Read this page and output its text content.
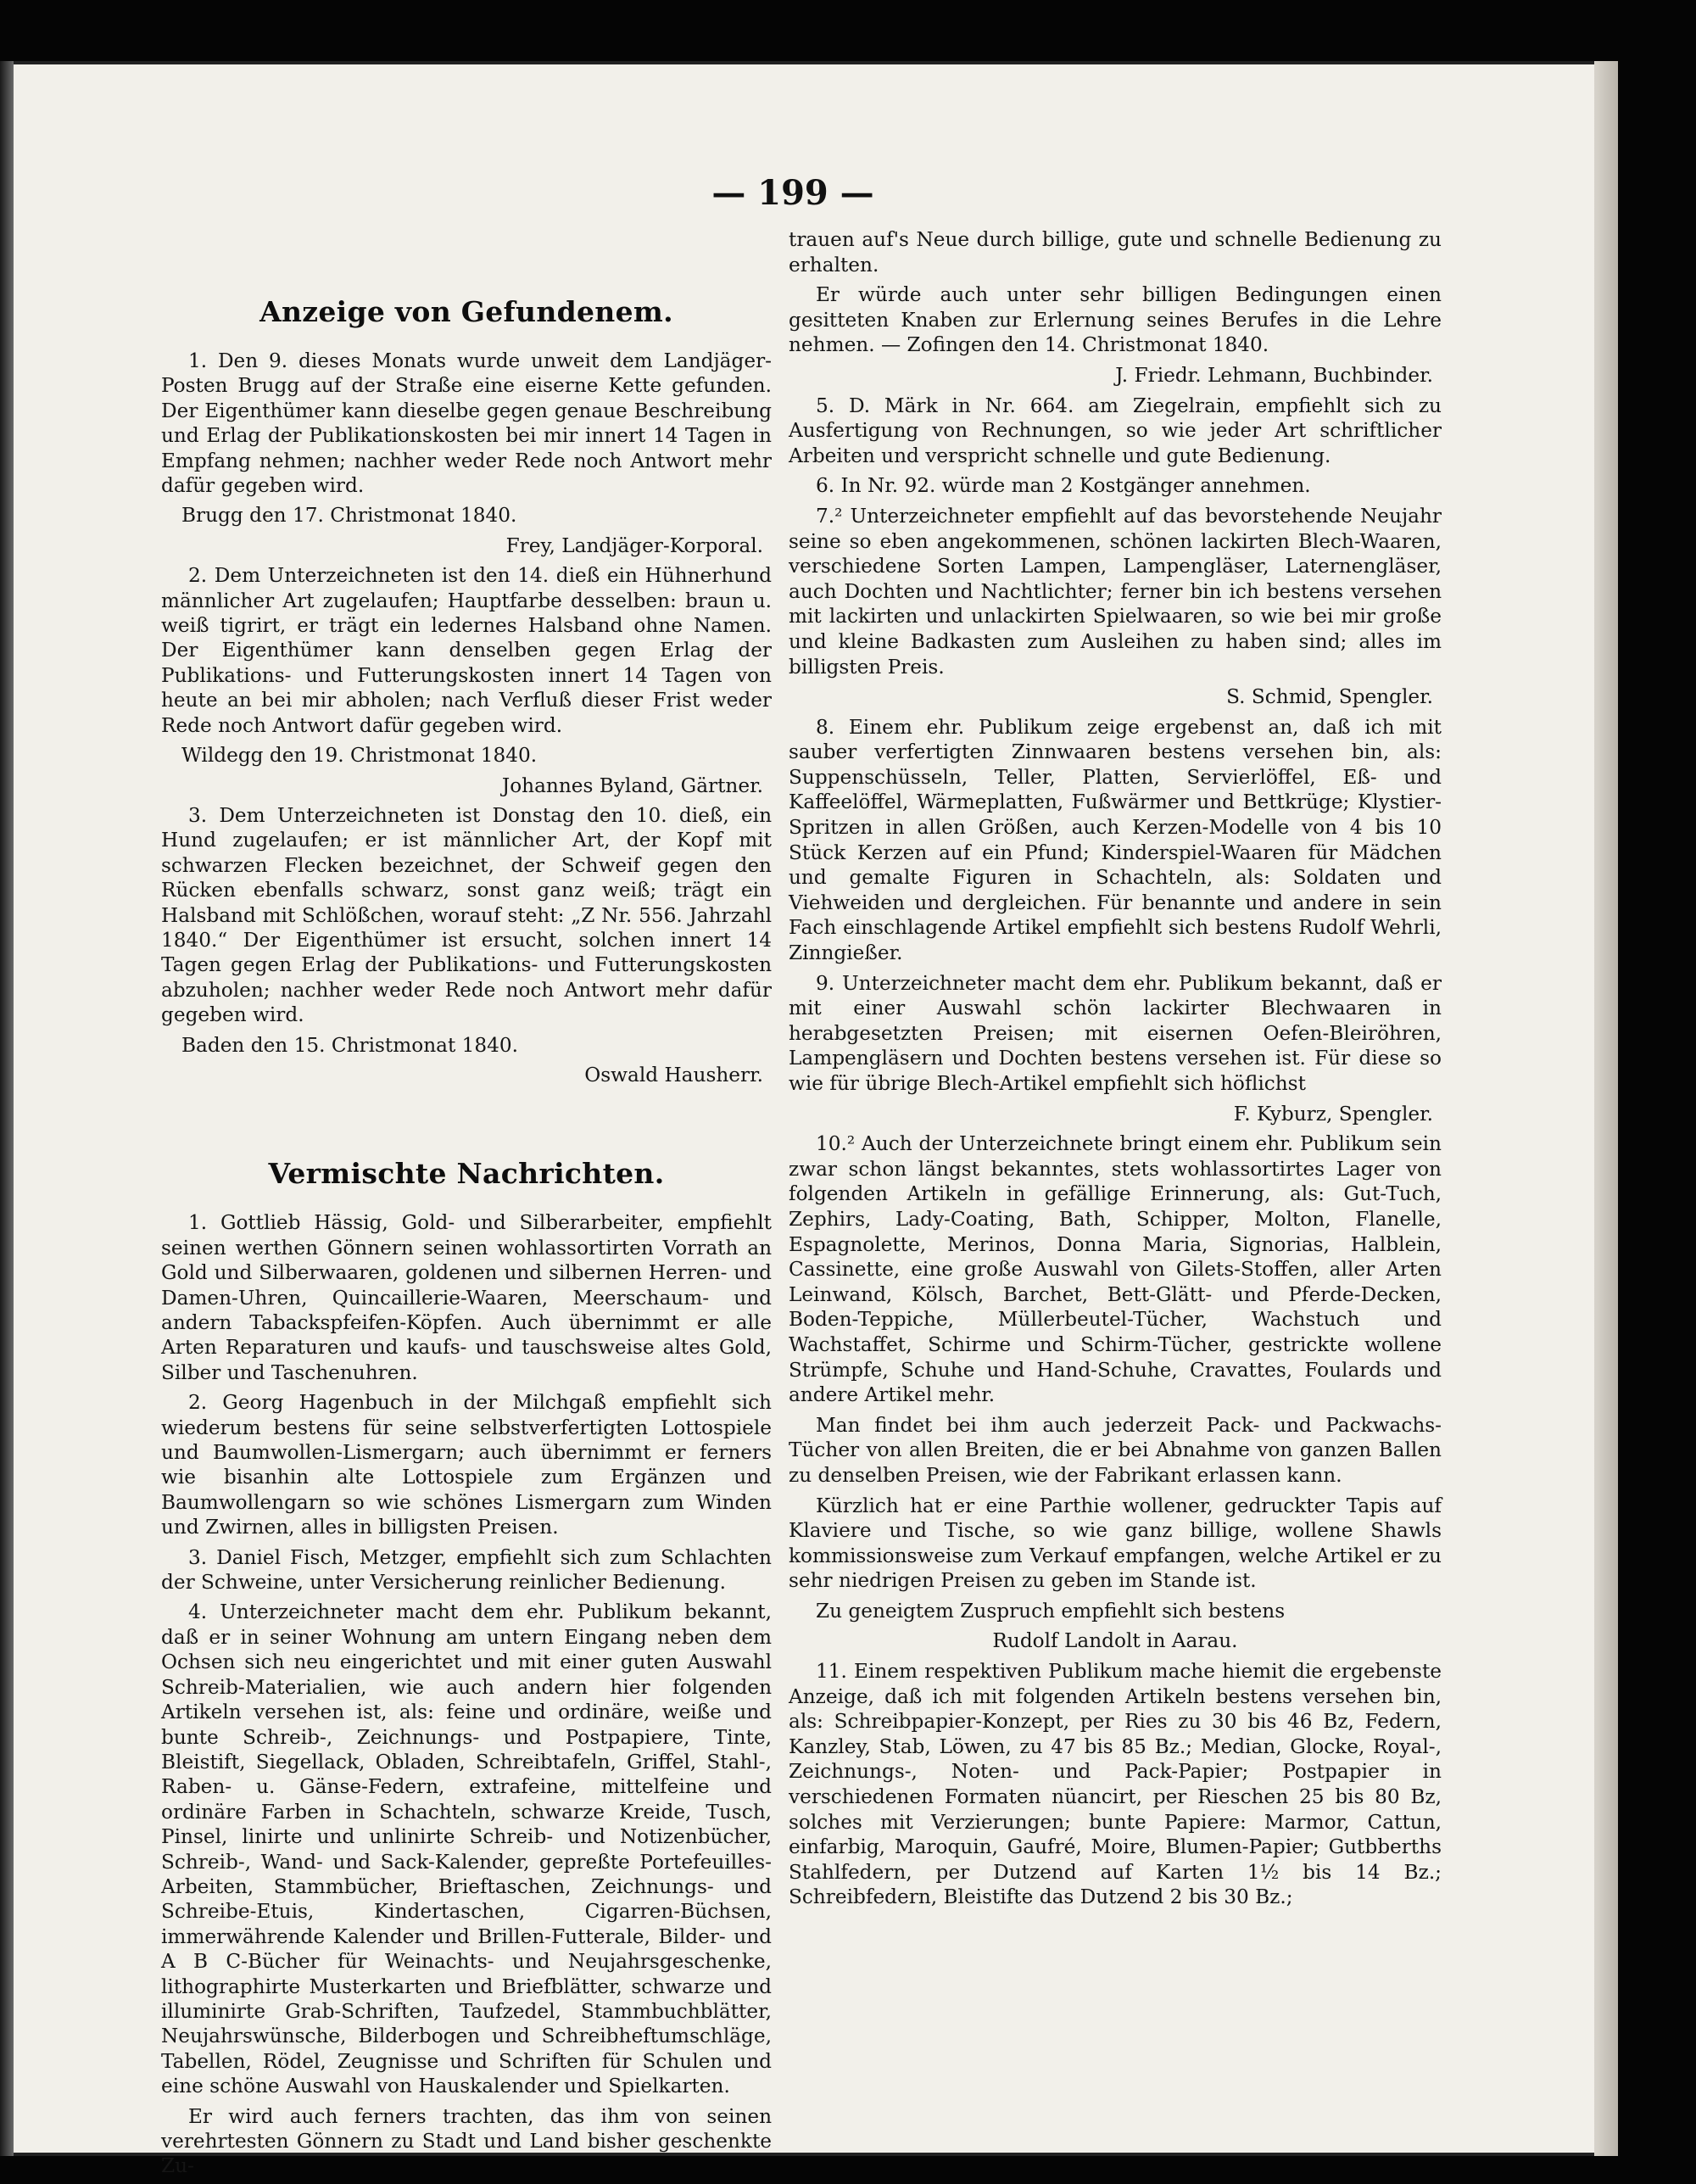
— 199 —
Anzeige von Gefundenem.

1. Den 9. dieses Monats wurde unweit dem Landjäger-Posten Brugg auf der Straße eine eiserne Kette gefunden. Der Eigenthümer kann dieselbe gegen genaue Beschreibung und Erlag der Publikationskosten bei mir innert 14 Tagen in Empfang nehmen; nachher weder Rede noch Antwort mehr dafür gegeben wird.

Brugg den 17. Christmonat 1840.

Frey, Landjäger-Korporal.

2. Dem Unterzeichneten ist den 14. dieß ein Hühnerhund männlicher Art zugelaufen; Hauptfarbe desselben: braun u. weiß tigrirt, er trägt ein ledernes Halsband ohne Namen. Der Eigenthümer kann denselben gegen Erlag der Publikations- und Futterungskosten innert 14 Tagen von heute an bei mir abholen; nach Verfluß dieser Frist weder Rede noch Antwort dafür gegeben wird.

Wildegg den 19. Christmonat 1840.

Johannes Byland, Gärtner.

3. Dem Unterzeichneten ist Donstag den 10. dieß, ein Hund zugelaufen; er ist männlicher Art, der Kopf mit schwarzen Flecken bezeichnet, der Schweif gegen den Rücken ebenfalls schwarz, sonst ganz weiß; trägt ein Halsband mit Schlößchen, worauf steht: „Z Nr. 556. Jahrzahl 1840.“ Der Eigenthümer ist ersucht, solchen innert 14 Tagen gegen Erlag der Publikations- und Futterungskosten abzuholen; nachher weder Rede noch Antwort mehr dafür gegeben wird.

Baden den 15. Christmonat 1840.

Oswald Hausherr.

Vermischte Nachrichten.

1. Gottlieb Hässig, Gold- und Silberarbeiter, empfiehlt seinen werthen Gönnern seinen wohlassortirten Vorrath an Gold und Silberwaaren, goldenen und silbernen Herren- und Damen-Uhren, Quincaillerie-Waaren, Meerschaum- und andern Tabackspfeifen-Köpfen. Auch übernimmt er alle Arten Reparaturen und kaufs- und tauschsweise altes Gold, Silber und Taschenuhren.

2. Georg Hagenbuch in der Milchgaß empfiehlt sich wiederum bestens für seine selbstverfertigten Lottospiele und Baumwollen-Lismergarn; auch übernimmt er ferners wie bisanhin alte Lottospiele zum Ergänzen und Baumwollengarn so wie schönes Lismergarn zum Winden und Zwirnen, alles in billigsten Preisen.

3. Daniel Fisch, Metzger, empfiehlt sich zum Schlachten der Schweine, unter Versicherung reinlicher Bedienung.

4. Unterzeichneter macht dem ehr. Publikum bekannt, daß er in seiner Wohnung am untern Eingang neben dem Ochsen sich neu eingerichtet und mit einer guten Auswahl Schreib-Materialien, wie auch andern hier folgenden Artikeln versehen ist, als: feine und ordinäre, weiße und bunte Schreib-, Zeichnungs- und Postpapiere, Tinte, Bleistift, Siegellack, Obladen, Schreibtafeln, Griffel, Stahl-, Raben- u. Gänse-Federn, extrafeine, mittelfeine und ordinäre Farben in Schachteln, schwarze Kreide, Tusch, Pinsel, linirte und unlinirte Schreib- und Notizenbücher, Schreib-, Wand- und Sack-Kalender, gepreßte Portefeuilles-Arbeiten, Stammbücher, Brieftaschen, Zeichnungs- und Schreibe-Etuis, Kindertaschen, Cigarren-Büchsen, immerwährende Kalender und Brillen-Futterale, Bilder- und A B C-Bücher für Weinachts- und Neujahrsgeschenke, lithographirte Musterkarten und Briefblätter, schwarze und illuminirte Grab-Schriften, Taufzedel, Stammbuchblätter, Neujahrswünsche, Bilderbogen und Schreibheftumschläge, Tabellen, Rödel, Zeugnisse und Schriften für Schulen und eine schöne Auswahl von Hauskalender und Spielkarten.

Er wird auch ferners trachten, das ihm von seinen verehrtesten Gönnern zu Stadt und Land bisher geschenkte Zu-

trauen auf's Neue durch billige, gute und schnelle Bedienung zu erhalten.

Er würde auch unter sehr billigen Bedingungen einen gesitteten Knaben zur Erlernung seines Berufes in die Lehre nehmen. — Zofingen den 14. Christmonat 1840.

J. Friedr. Lehmann, Buchbinder.

5. D. Märk in Nr. 664. am Ziegelrain, empfiehlt sich zu Ausfertigung von Rechnungen, so wie jeder Art schriftlicher Arbeiten und verspricht schnelle und gute Bedienung.

6. In Nr. 92. würde man 2 Kostgänger annehmen.

7.² Unterzeichneter empfiehlt auf das bevorstehende Neujahr seine so eben angekommenen, schönen lackirten Blech-Waaren, verschiedene Sorten Lampen, Lampengläser, Laternengläser, auch Dochten und Nachtlichter; ferner bin ich bestens versehen mit lackirten und unlackirten Spielwaaren, so wie bei mir große und kleine Badkasten zum Ausleihen zu haben sind; alles im billigsten Preis.

S. Schmid, Spengler.

8. Einem ehr. Publikum zeige ergebenst an, daß ich mit sauber verfertigten Zinnwaaren bestens versehen bin, als: Suppenschüsseln, Teller, Platten, Servierlöffel, Eß- und Kaffeelöffel, Wärmeplatten, Fußwärmer und Bettkrüge; Klystier-Spritzen in allen Größen, auch Kerzen-Modelle von 4 bis 10 Stück Kerzen auf ein Pfund; Kinderspiel-Waaren für Mädchen und gemalte Figuren in Schachteln, als: Soldaten und Viehweiden und dergleichen. Für benannte und andere in sein Fach einschlagende Artikel empfiehlt sich bestens Rudolf Wehrli, Zinngießer.

9. Unterzeichneter macht dem ehr. Publikum bekannt, daß er mit einer Auswahl schön lackirter Blechwaaren in herabgesetzten Preisen; mit eisernen Oefen-Bleiröhren, Lampengläsern und Dochten bestens versehen ist. Für diese so wie für übrige Blech-Artikel empfiehlt sich höflichst

F. Kyburz, Spengler.

10.² Auch der Unterzeichnete bringt einem ehr. Publikum sein zwar schon längst bekanntes, stets wohlassortirtes Lager von folgenden Artikeln in gefällige Erinnerung, als: Gut-Tuch, Zephirs, Lady-Coating, Bath, Schipper, Molton, Flanelle, Espagnolette, Merinos, Donna Maria, Signorias, Halblein, Cassinette, eine große Auswahl von Gilets-Stoffen, aller Arten Leinwand, Kölsch, Barchet, Bett-Glätt- und Pferde-Decken, Boden-Teppiche, Müllerbeutel-Tücher, Wachstuch und Wachstaffet, Schirme und Schirm-Tücher, gestrickte wollene Strümpfe, Schuhe und Hand-Schuhe, Cravattes, Foulards und andere Artikel mehr.

Man findet bei ihm auch jederzeit Pack- und Packwachs-Tücher von allen Breiten, die er bei Abnahme von ganzen Ballen zu denselben Preisen, wie der Fabrikant erlassen kann.

Kürzlich hat er eine Parthie wollener, gedruckter Tapis auf Klaviere und Tische, so wie ganz billige, wollene Shawls kommissionsweise zum Verkauf empfangen, welche Artikel er zu sehr niedrigen Preisen zu geben im Stande ist.

Zu geneigtem Zuspruch empfiehlt sich bestens

Rudolf Landolt in Aarau.

11. Einem respektiven Publikum mache hiemit die ergebenste Anzeige, daß ich mit folgenden Artikeln bestens versehen bin, als: Schreibpapier-Konzept, per Ries zu 30 bis 46 Bz, Federn, Kanzley, Stab, Löwen, zu 47 bis 85 Bz.; Median, Glocke, Royal-, Zeichnungs-, Noten- und Pack-Papier; Postpapier in verschiedenen Formaten nüancirt, per Rieschen 25 bis 80 Bz, solches mit Verzierungen; bunte Papiere: Marmor, Cattun, einfarbig, Maroquin, Gaufré, Moire, Blumen-Papier; Gutbberths Stahlfedern, per Dutzend auf Karten 1½ bis 14 Bz.; Schreibfedern, Bleistifte das Dutzend 2 bis 30 Bz.;
